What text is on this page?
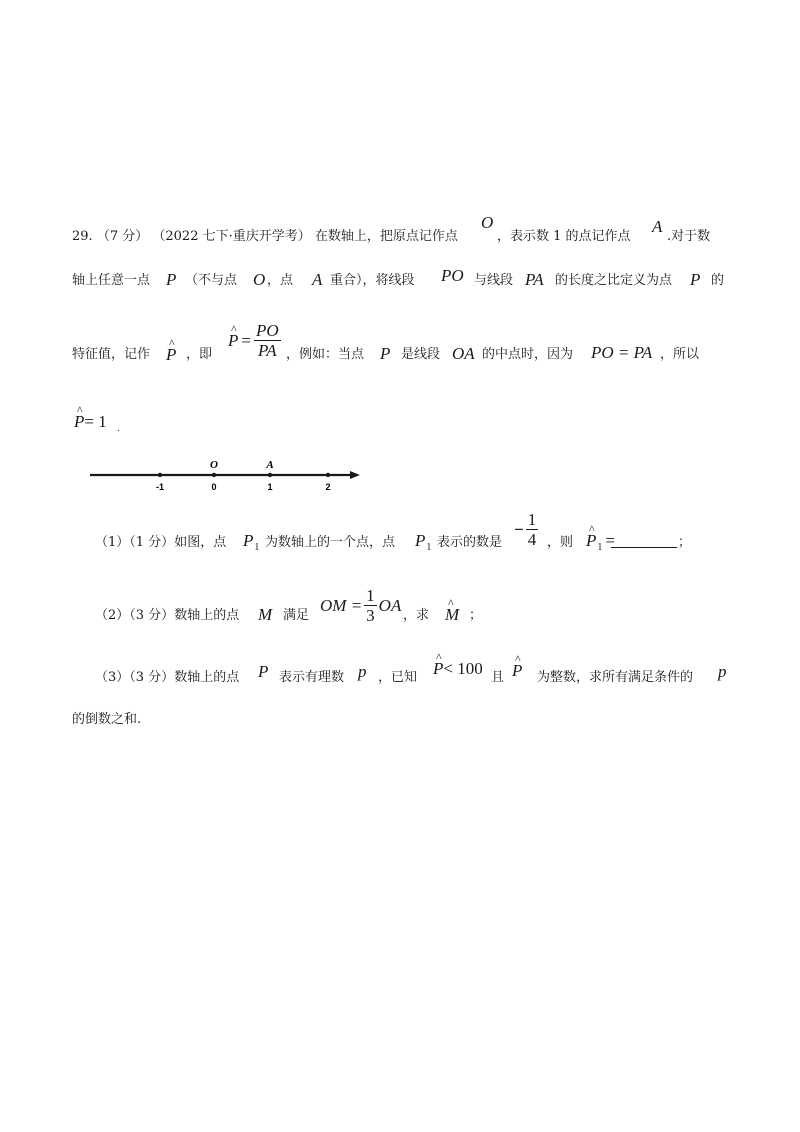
29. （7 分） （2022 七下·重庆开学考） 在数轴上，把原点记作点
O
，表示数 1 的点记作点
A
.对于数
轴上任意一点 P （不与点 O ，点 A 重合），将线段 PO 与线段 PA 的长度之比定义为点 P 的
特征值，记作 ^ P ，即
^ $P = \frac{PO}{PA}$ ，例如：当点 P 是线段 OA 的中点时，因为 PO = PA ，所以
^ P= 1 .
O	A
-1	0	1	2
（1）（1 分）如图，点 $P_1$ 为数轴上的一个点，点 $P_1$ 表示的数是
− $\frac{1}{4}$ ，则 ^ $P_1$ =	；
（2）（3 分）数轴上的点 M 满足
OM = $\frac{1}{3}$ OA
，求 ^ M ；
（3）（3 分）数轴上的点 P 表示有理数 p ，已知 ^ P< 100 且 ^ P 为整数，求所有满足条件的 p
的倒数之和.
